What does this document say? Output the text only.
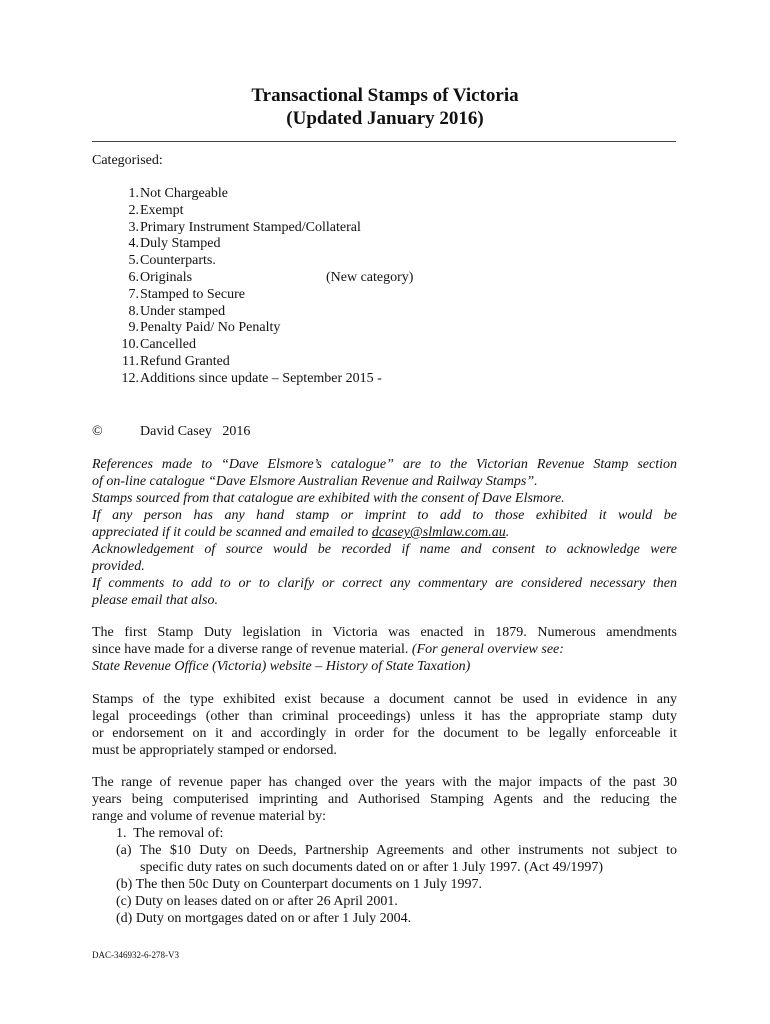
Transactional Stamps of Victoria
(Updated January 2016)
Categorised:
1. Not Chargeable
2. Exempt
3. Primary Instrument Stamped/Collateral
4. Duly Stamped
5. Counterparts.
6. Originals	(New category)
7. Stamped to Secure
8. Under stamped
9. Penalty Paid/ No Penalty
10. Cancelled
11. Refund Granted
12. Additions since update – September 2015 -
©	David Casey   2016
References made to “Dave Elsmore’s catalogue” are to the Victorian Revenue Stamp section
of on-line catalogue “Dave Elsmore Australian Revenue and Railway Stamps”.
Stamps sourced from that catalogue are exhibited with the consent of Dave Elsmore.
If any person has any hand stamp or imprint to add to those exhibited it would be
appreciated if it could be scanned and emailed to dcasey@slmlaw.com.au.
Acknowledgement of source would be recorded if name and consent to acknowledge were
provided.
If comments to add to or to clarify or correct any commentary are considered necessary then
please email that also.
The first Stamp Duty legislation in Victoria was enacted in 1879. Numerous amendments
since have made for a diverse range of revenue material. (For general overview see:
State Revenue Office (Victoria) website – History of State Taxation)
Stamps of the type exhibited exist because a document cannot be used in evidence in any
legal proceedings (other than criminal proceedings) unless it has the appropriate stamp duty
or endorsement on it and accordingly in order for the document to be legally enforceable it
must be appropriately stamped or endorsed.
The range of revenue paper has changed over the years with the major impacts of the past 30
years being computerised imprinting and Authorised Stamping Agents and the reducing the
range and volume of revenue material by:
1.  The removal of:
(a) The $10 Duty on Deeds, Partnership Agreements and other instruments not subject to
specific duty rates on such documents dated on or after 1 July 1997. (Act 49/1997)
(b) The then 50c Duty on Counterpart documents on 1 July 1997.
(c) Duty on leases dated on or after 26 April 2001.
(d) Duty on mortgages dated on or after 1 July 2004.
DAC-346932-6-278-V3
